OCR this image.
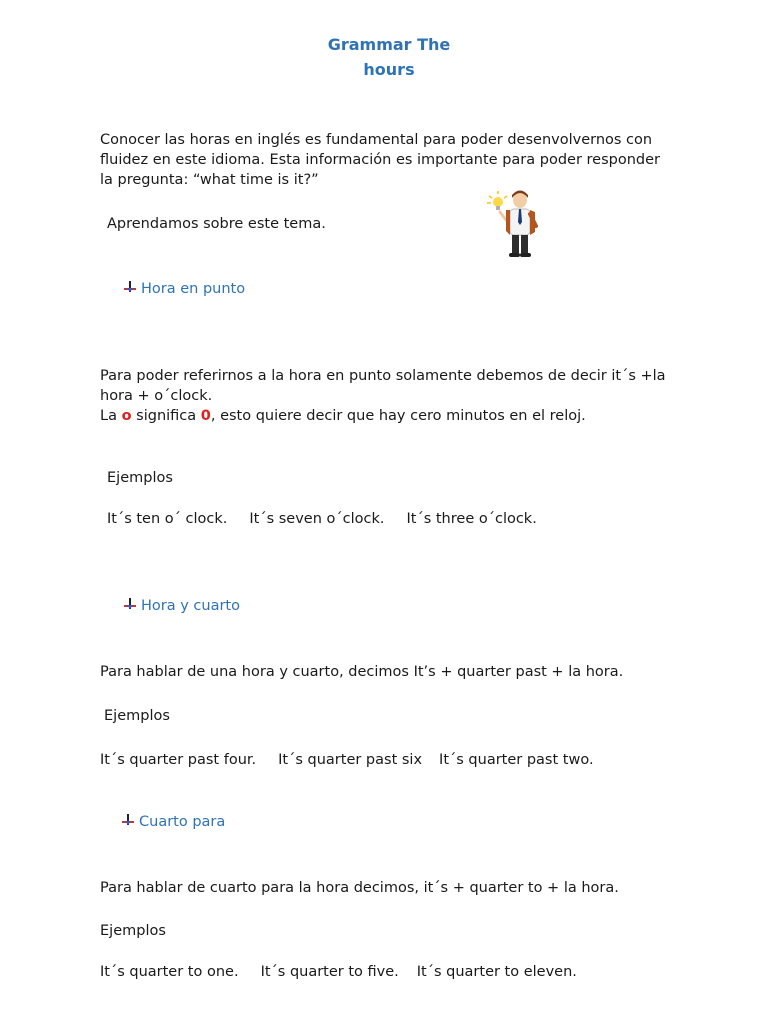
Grammar The
hours
Conocer las horas en inglés es fundamental para poder desenvolvernos con
fluidez en este idioma. Esta información es importante para poder responder
la pregunta: “what time is it?”
Aprendamos sobre este tema.
Hora en punto
Para poder referirnos a la hora en punto solamente debemos de decir it´s +la
hora + o´clock.
La o significa 0, esto quiere decir que hay cero minutos en el reloj.
Ejemplos
It´s ten o´ clock. It´s seven o´clock. It´s three o´clock.
Hora y cuarto
Para hablar de una hora y cuarto, decimos It’s + quarter past + la hora.
Ejemplos
It´s quarter past four. It´s quarter past six It´s quarter past two.
Cuarto para
Para hablar de cuarto para la hora decimos, it´s + quarter to + la hora.
Ejemplos
It´s quarter to one. It´s quarter to five. It´s quarter to eleven.
